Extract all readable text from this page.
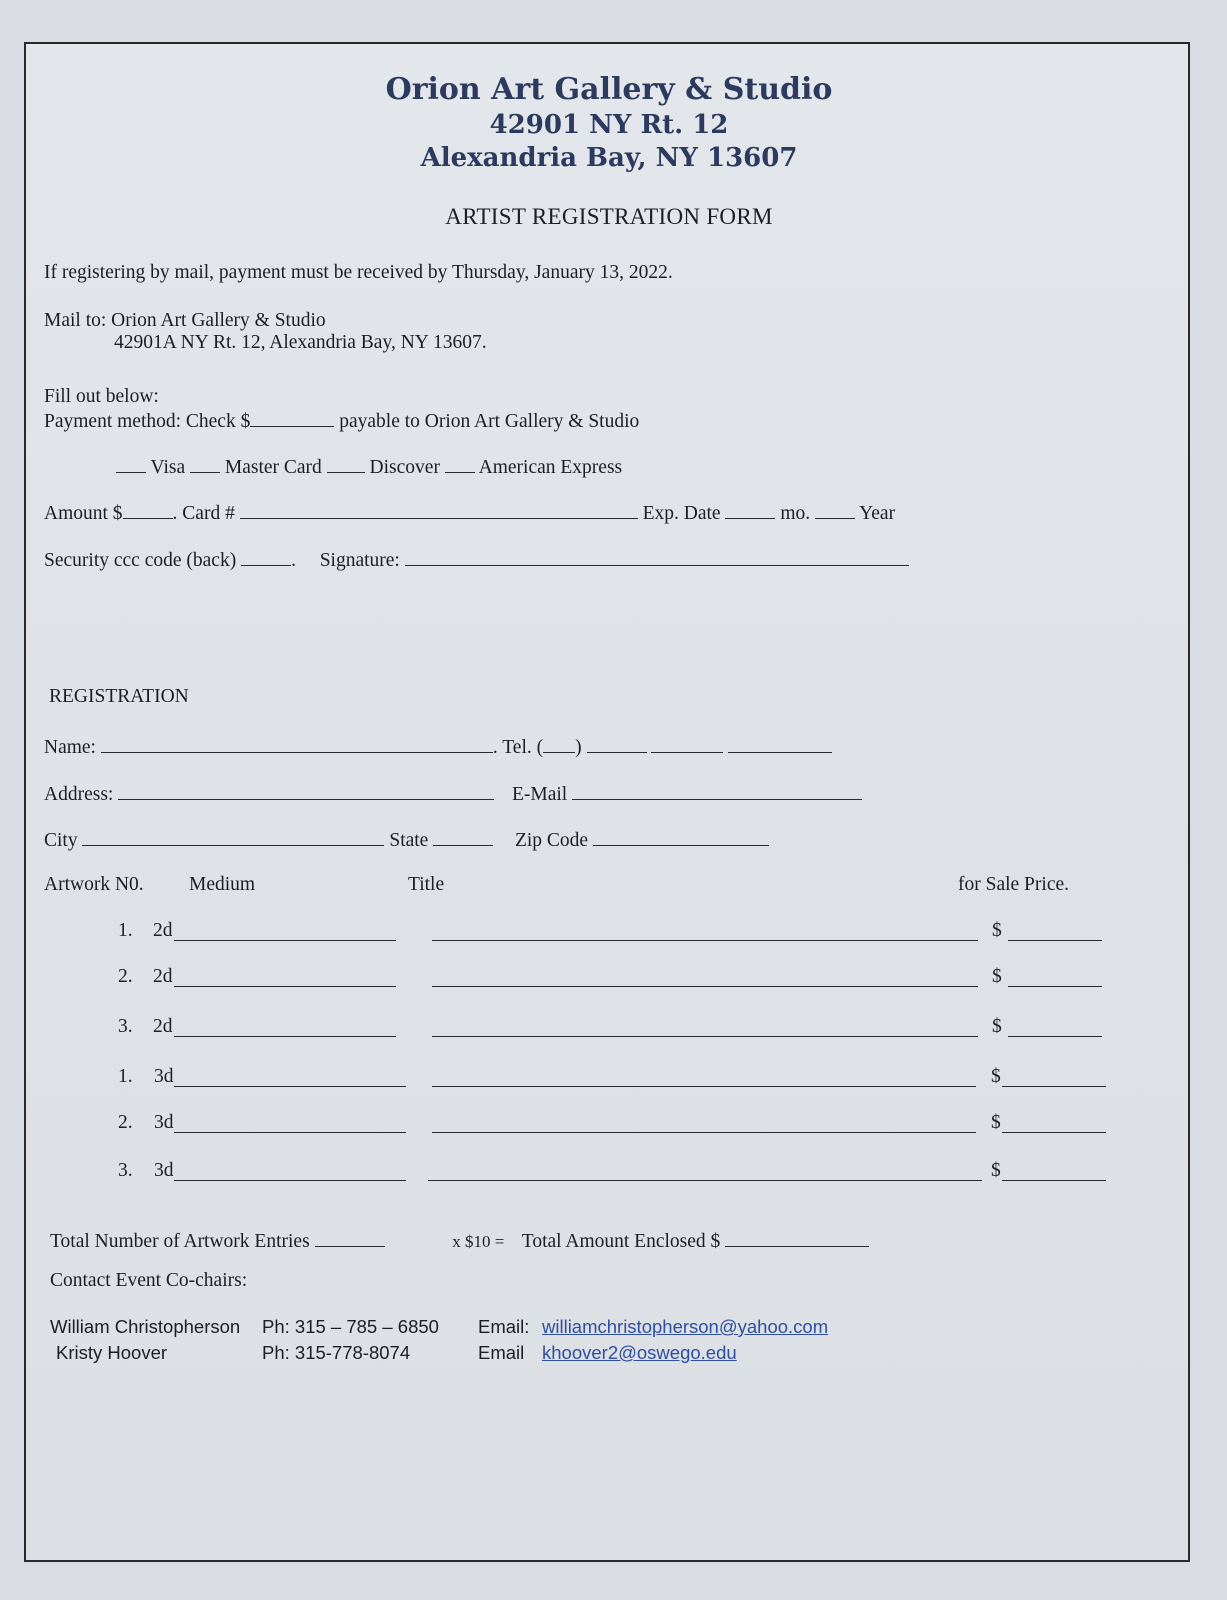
Orion Art Gallery & Studio
42901 NY Rt. 12
Alexandria Bay, NY 13607
ARTIST REGISTRATION FORM
If registering by mail, payment must be received by Thursday, January 13, 2022.
Mail to: Orion Art Gallery & Studio
42901A NY Rt. 12, Alexandria Bay, NY 13607.
Fill out below:
Payment method: Check $	payable to Orion Art Gallery & Studio
Visa Master Card Discover American Express
Amount $	. Card #	Exp. Date	mo.	Year
Security ccc code (back)	.  Signature:
REGISTRATION
Name:	. Tel. ( )
Address:	E-Mail
City	State	Zip Code
Artwork N0. Medium	Title	for Sale Price.
1. 2d	$
2. 2d	$
3. 2d	$
1. 3d	$
2. 3d	$
3. 3d	$
Total Number of Artwork Entries	x $10 = Total Amount Enclosed $
Contact Event Co-chairs:
William Christopherson Ph: 315 – 785 – 6850 Email: williamchristopherson@yahoo.com
Kristy Hoover	Ph: 315-778-8074	Email khoover2@oswego.edu
